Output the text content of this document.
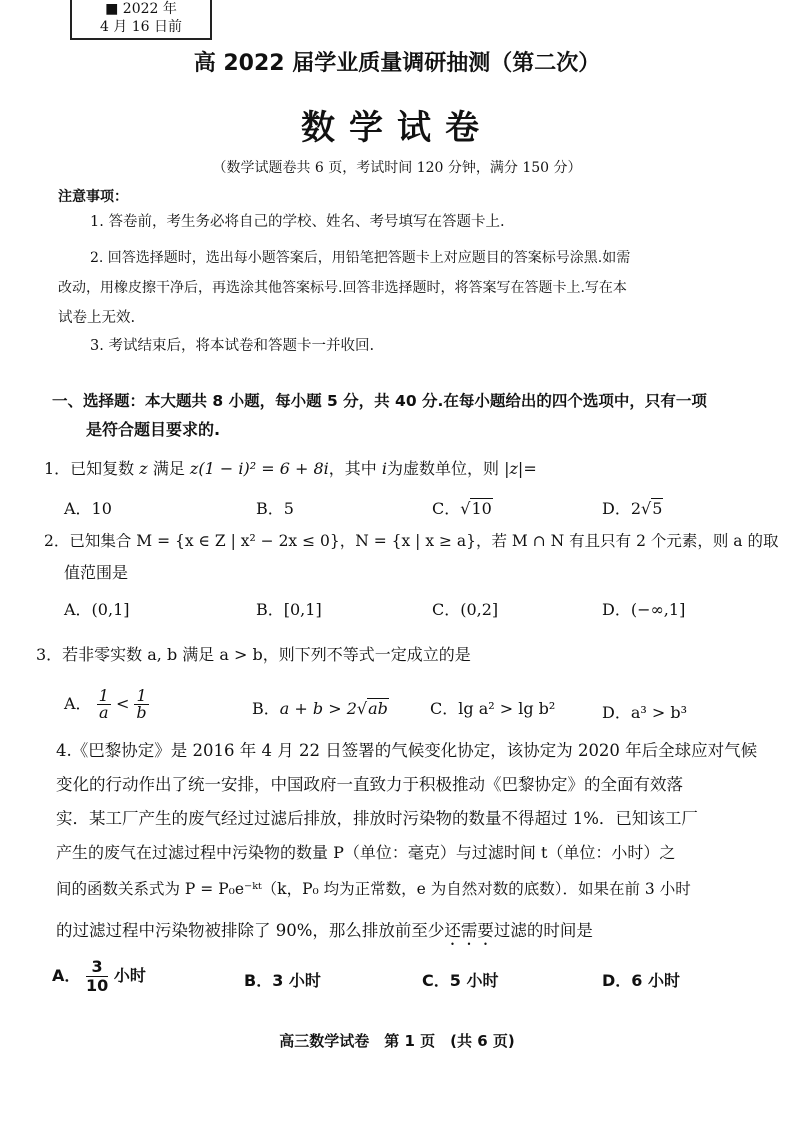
■ 2022 年
4 月 16 日前
高 2022 届学业质量调研抽测（第二次）
数学试卷
（数学试题卷共 6 页，考试时间 120 分钟，满分 150 分）
注意事项：
1. 答卷前，考生务必将自己的学校、姓名、考号填写在答题卡上.
2. 回答选择题时，选出每小题答案后，用铅笔把答题卡上对应题目的答案标号涂黑.如需
改动，用橡皮擦干净后，再选涂其他答案标号.回答非选择题时，将答案写在答题卡上.写在本
试卷上无效.
3. 考试结束后，将本试卷和答题卡一并收回.
一、选择题：本大题共 8 小题，每小题 5 分，共 40 分.在每小题给出的四个选项中，只有一项
是符合题目要求的.
1．已知复数 z 满足 z(1 − i)² = 6 + 8i，其中 i为虚数单位，则 |z|=
A．10	B．5	C．√10	D．2√5
2．已知集合 M = {x ∈ Z | x² − 2x ≤ 0}，N = {x | x ≥ a}，若 M ∩ N 有且只有 2 个元素，则 a 的取
值范围是
A．(0,1]	B．[0,1]	C．(0,2]	D．(−∞,1]
3．若非零实数 a, b 满足 a > b，则下列不等式一定成立的是
A． $\frac{1}{a} < \frac{1}{b}$	B．a + b > 2√ab	C．lg a² > lg b²	D．a³ > b³
4.《巴黎协定》是 2016 年 4 月 22 日签署的气候变化协定，该协定为 2020 年后全球应对气候
变化的行动作出了统一安排，中国政府一直致力于积极推动《巴黎协定》的全面有效落
实．某工厂产生的废气经过过滤后排放，排放时污染物的数量不得超过 1%．已知该工厂
产生的废气在过滤过程中污染物的数量 P（单位：毫克）与过滤时间 t（单位：小时）之
间的函数关系式为 P = P₀e⁻ᵏᵗ（k，P₀ 均为正常数，e 为自然对数的底数）．如果在前 3 小时
的过滤过程中污染物被排除了 90%，那么排放前至少还需要过滤的时间是
A． $\frac{3}{10}$ 小时	B．3 小时	C．5 小时	D．6 小时
高三数学试卷　第 1 页　(共 6 页)
